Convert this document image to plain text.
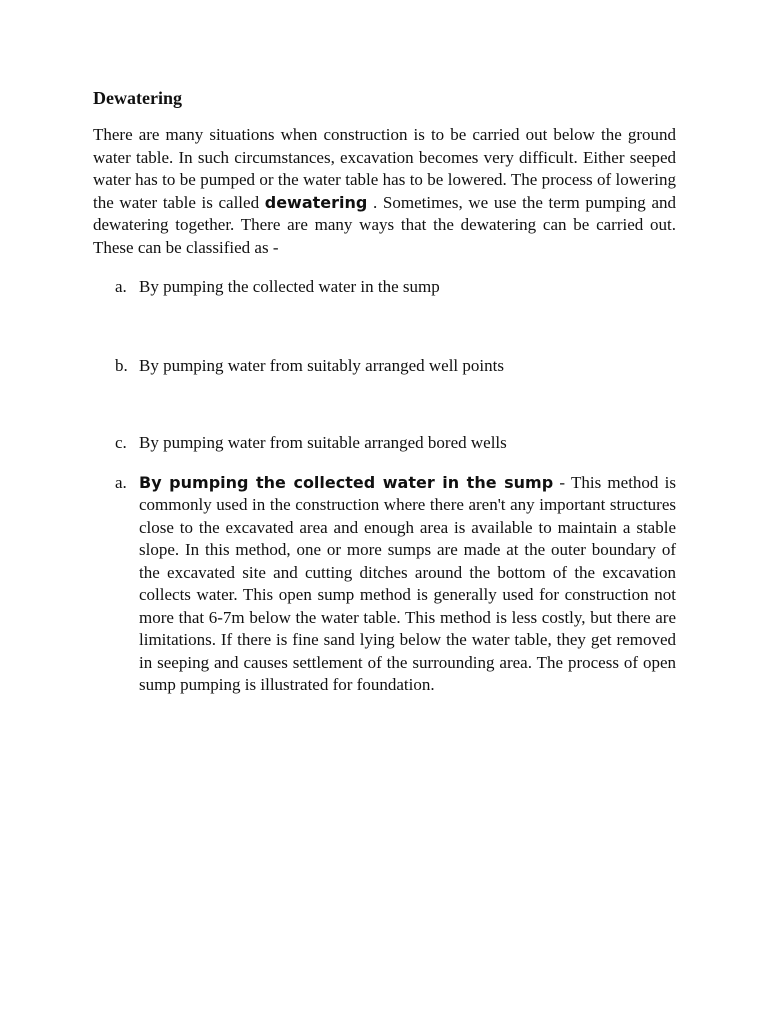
Dewatering

There are many situations when construction is to be carried out below the ground water table. In such circumstances, excavation becomes very difficult. Either seeped water has to be pumped or the water table has to be lowered. The process of lowering the water table is called dewatering . Sometimes, we use the term pumping and dewatering together. There are many ways that the dewatering can be carried out. These can be classified as -

a. By pumping the collected water in the sump
b. By pumping water from suitably arranged well points
c. By pumping water from suitable arranged bored wells
a. By pumping the collected water in the sump - This method is commonly used in the construction where there aren't any important structures close to the excavated area and enough area is available to maintain a stable slope. In this method, one or more sumps are made at the outer boundary of the excavated site and cutting ditches around the bottom of the excavation collects water. This open sump method is generally used for construction not more that 6-7m below the water table. This method is less costly, but there are limitations. If there is fine sand lying below the water table, they get removed in seeping and causes settlement of the surrounding area. The process of open sump pumping is illustrated for foundation.
